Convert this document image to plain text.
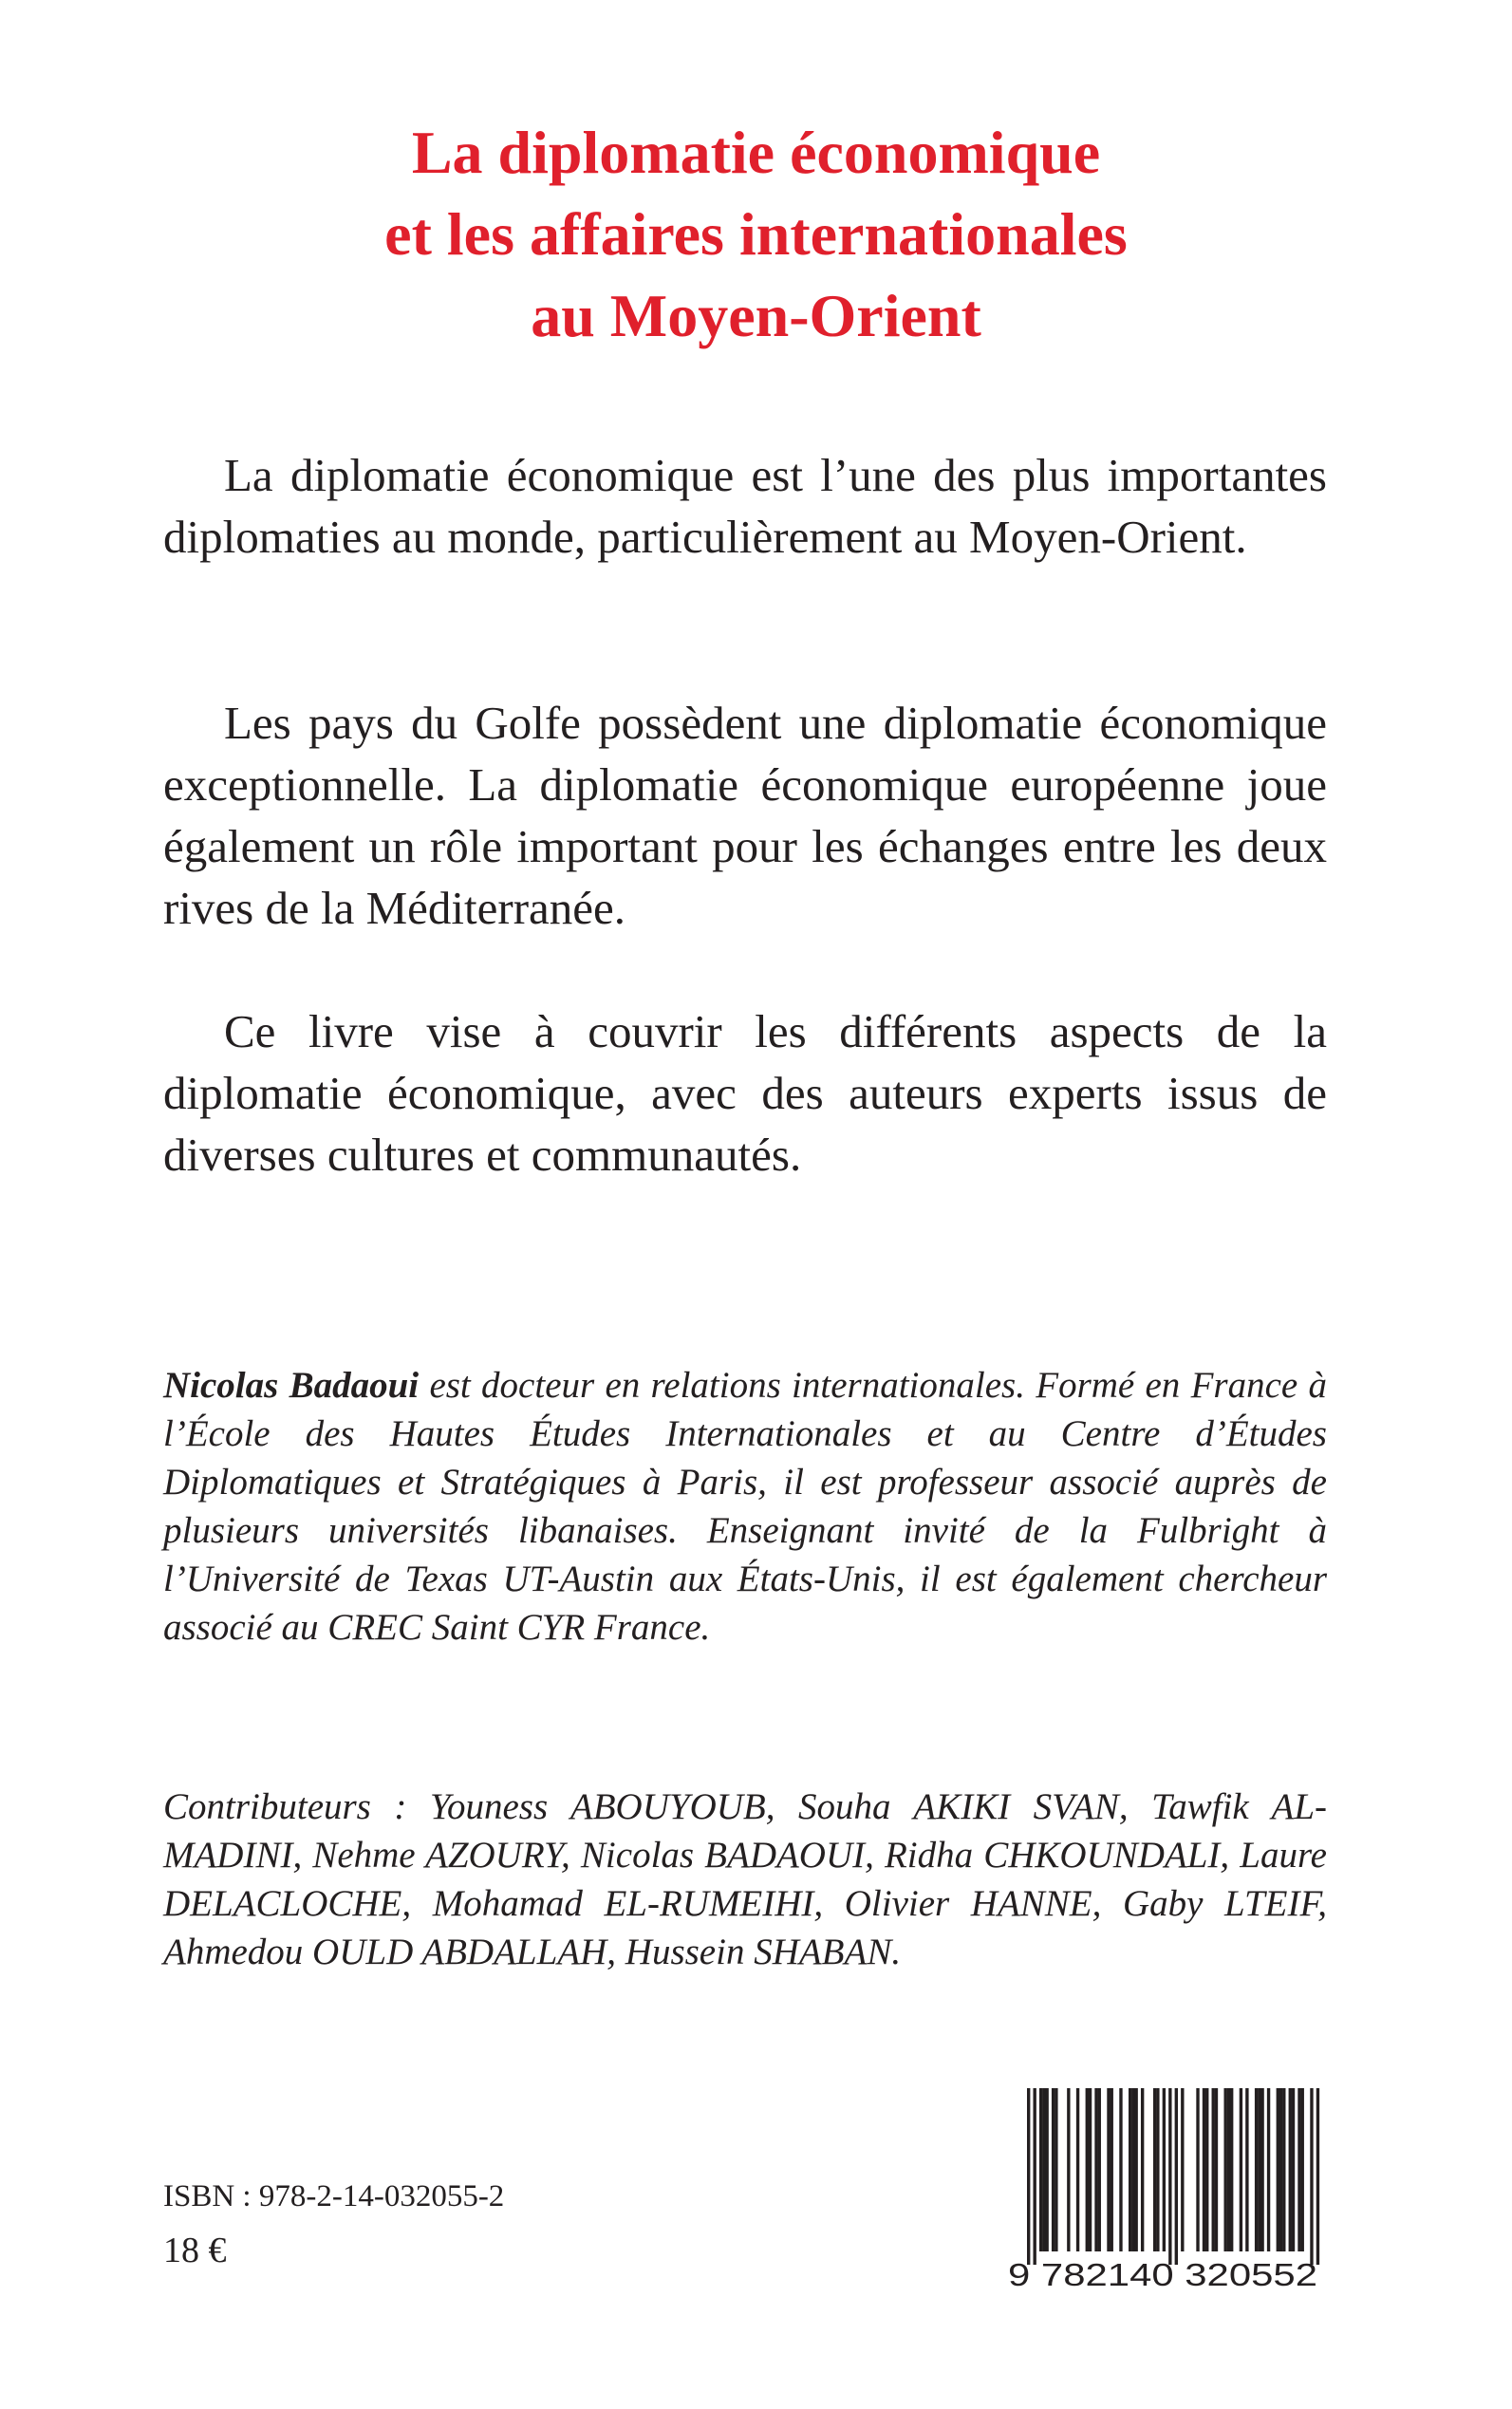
La diplomatie économique
et les affaires internationales
au Moyen-Orient

La diplomatie économique est l’une des plus importantes diplomaties au monde, particulièrement au Moyen-Orient.

Les pays du Golfe possèdent une diplomatie économique exceptionnelle. La diplomatie économique européenne joue également un rôle important pour les échanges entre les deux rives de la Méditerranée.

Ce livre vise à couvrir les différents aspects de la diplomatie économique, avec des auteurs experts issus de diverses cultures et communautés.

Nicolas Badaoui est docteur en relations internationales. Formé en France à l’École des Hautes Études Internationales et au Centre d’Études Diplomatiques et Stratégiques à Paris, il est professeur associé auprès de plusieurs universités libanaises. Enseignant invité de la Fulbright à l’Université de Texas UT-Austin aux États-Unis, il est également chercheur associé au CREC Saint CYR France.

Contributeurs : Youness ABOUYOUB, Souha AKIKI SVAN, Tawfik AL-MADINI, Nehme AZOURY, Nicolas BADAOUI, Ridha CHKOUNDALI, Laure DELACLOCHE, Mohamad EL-RUMEIHI, Olivier HANNE, Gaby LTEIF, Ahmedou OULD ABDALLAH, Hussein SHABAN.

ISBN : 978-2-14-032055-2

18 €

9 782140 320552
